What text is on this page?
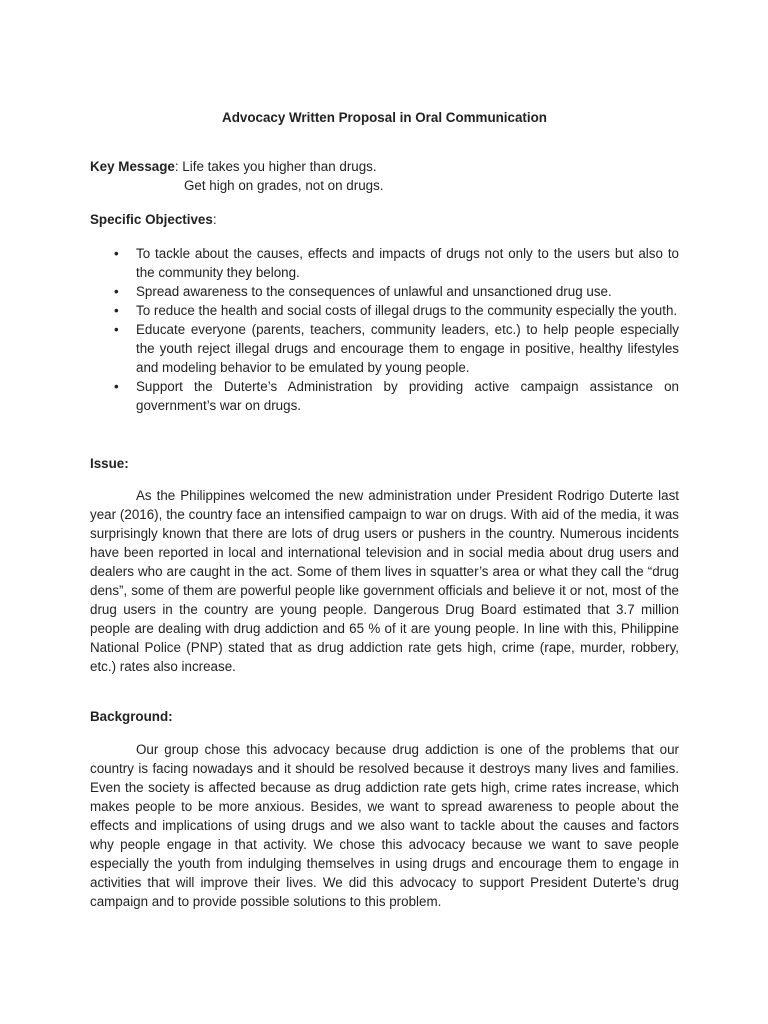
Advocacy Written Proposal in Oral Communication
Key Message: Life takes you higher than drugs.
Get high on grades, not on drugs.
Specific Objectives:
• To tackle about the causes, effects and impacts of drugs not only to the users but also to the community they belong.
• Spread awareness to the consequences of unlawful and unsanctioned drug use.
• To reduce the health and social costs of illegal drugs to the community especially the youth.
• Educate everyone (parents, teachers, community leaders, etc.) to help people especially the youth reject illegal drugs and encourage them to engage in positive, healthy lifestyles and modeling behavior to be emulated by young people.
• Support the Duterte’s Administration by providing active campaign assistance on government’s war on drugs.
Issue:

As the Philippines welcomed the new administration under President Rodrigo Duterte last year (2016), the country face an intensified campaign to war on drugs. With aid of the media, it was surprisingly known that there are lots of drug users or pushers in the country. Numerous incidents have been reported in local and international television and in social media about drug users and dealers who are caught in the act. Some of them lives in squatter’s area or what they call the “drug dens”, some of them are powerful people like government officials and believe it or not, most of the drug users in the country are young people. Dangerous Drug Board estimated that 3.7 million people are dealing with drug addiction and 65 % of it are young people. In line with this, Philippine National Police (PNP) stated that as drug addiction rate gets high, crime (rape, murder, robbery, etc.) rates also increase.

Background:

Our group chose this advocacy because drug addiction is one of the problems that our country is facing nowadays and it should be resolved because it destroys many lives and families. Even the society is affected because as drug addiction rate gets high, crime rates increase, which makes people to be more anxious. Besides, we want to spread awareness to people about the effects and implications of using drugs and we also want to tackle about the causes and factors why people engage in that activity. We chose this advocacy because we want to save people especially the youth from indulging themselves in using drugs and encourage them to engage in activities that will improve their lives. We did this advocacy to support President Duterte’s drug campaign and to provide possible solutions to this problem.
